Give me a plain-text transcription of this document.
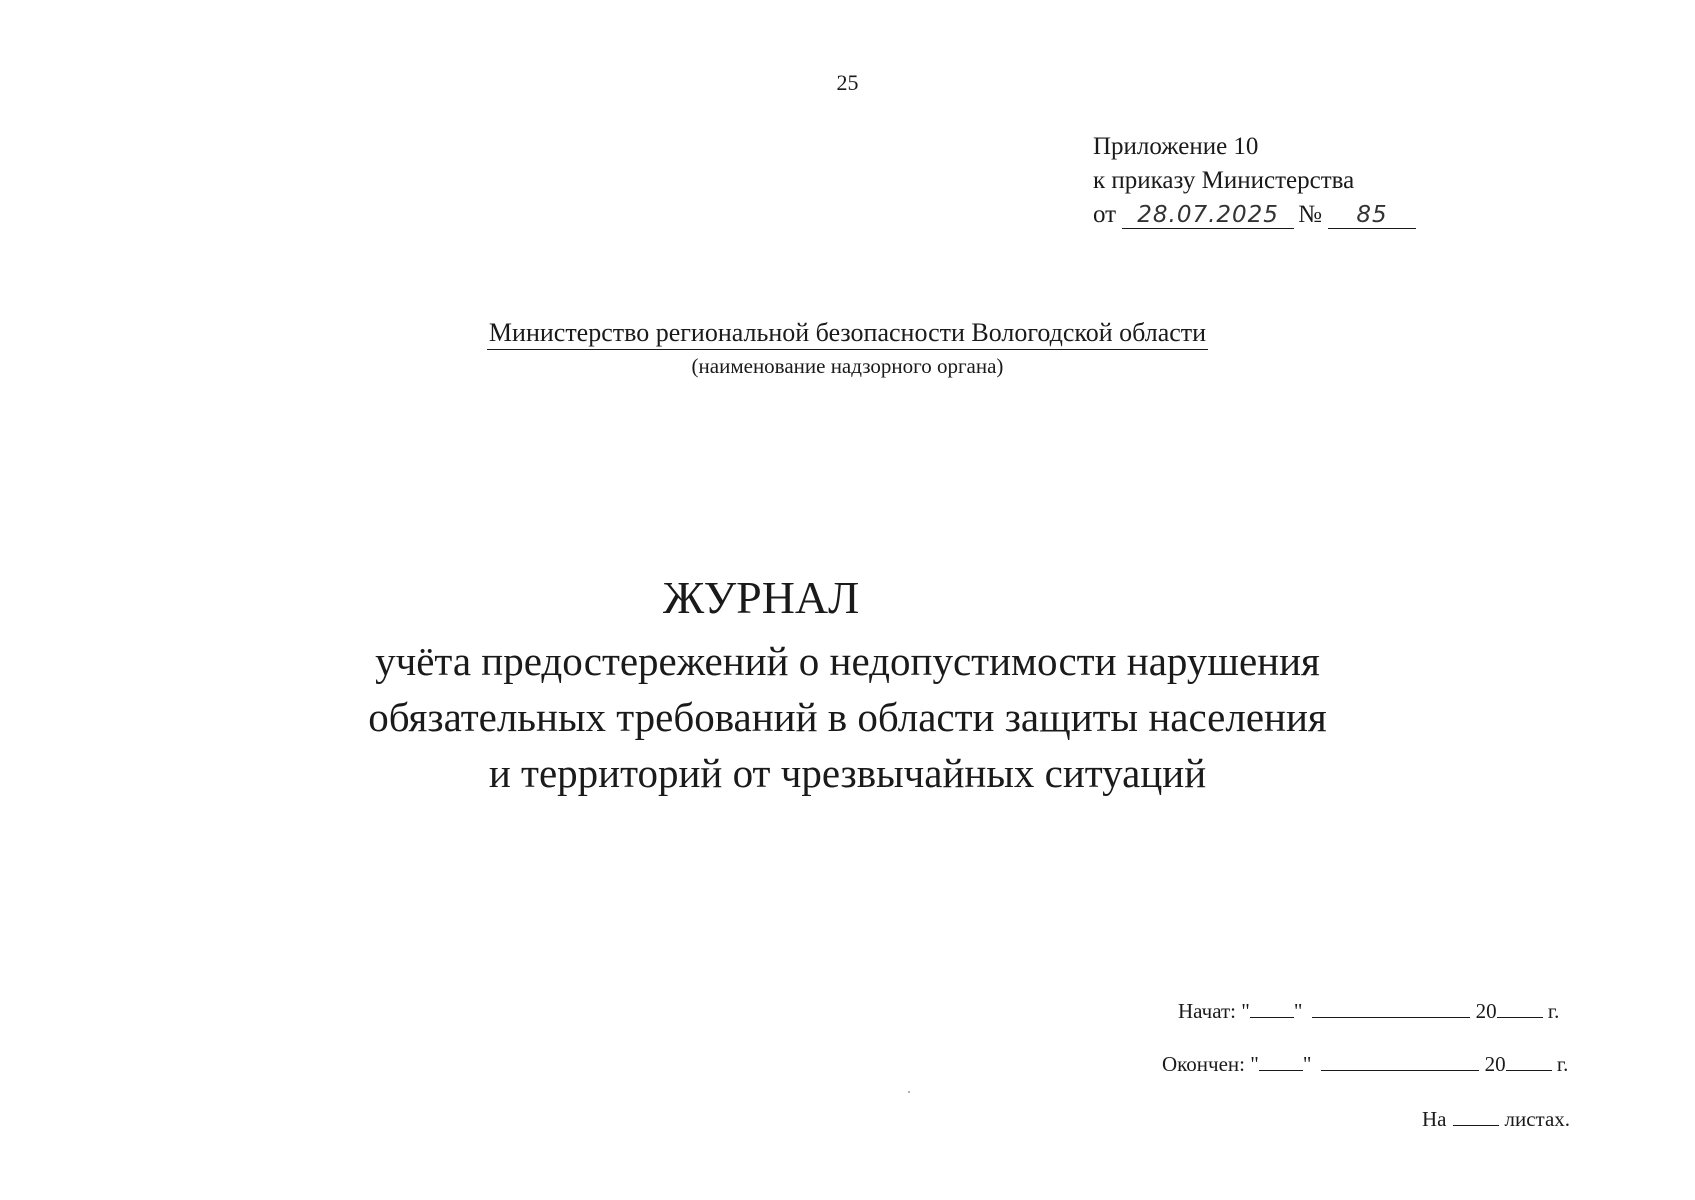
25
Приложение 10
к приказу Министерства
от 28.07.2025 № 85
Министерство региональной безопасности Вологодской области
(наименование надзорного органа)
ЖУРНАЛ
учёта предостережений о недопустимости нарушения
обязательных требований в области защиты населения
и территорий от чрезвычайных ситуаций
Начат: " "	20 г.
Окончен: " "	20 г.
На	листах.
